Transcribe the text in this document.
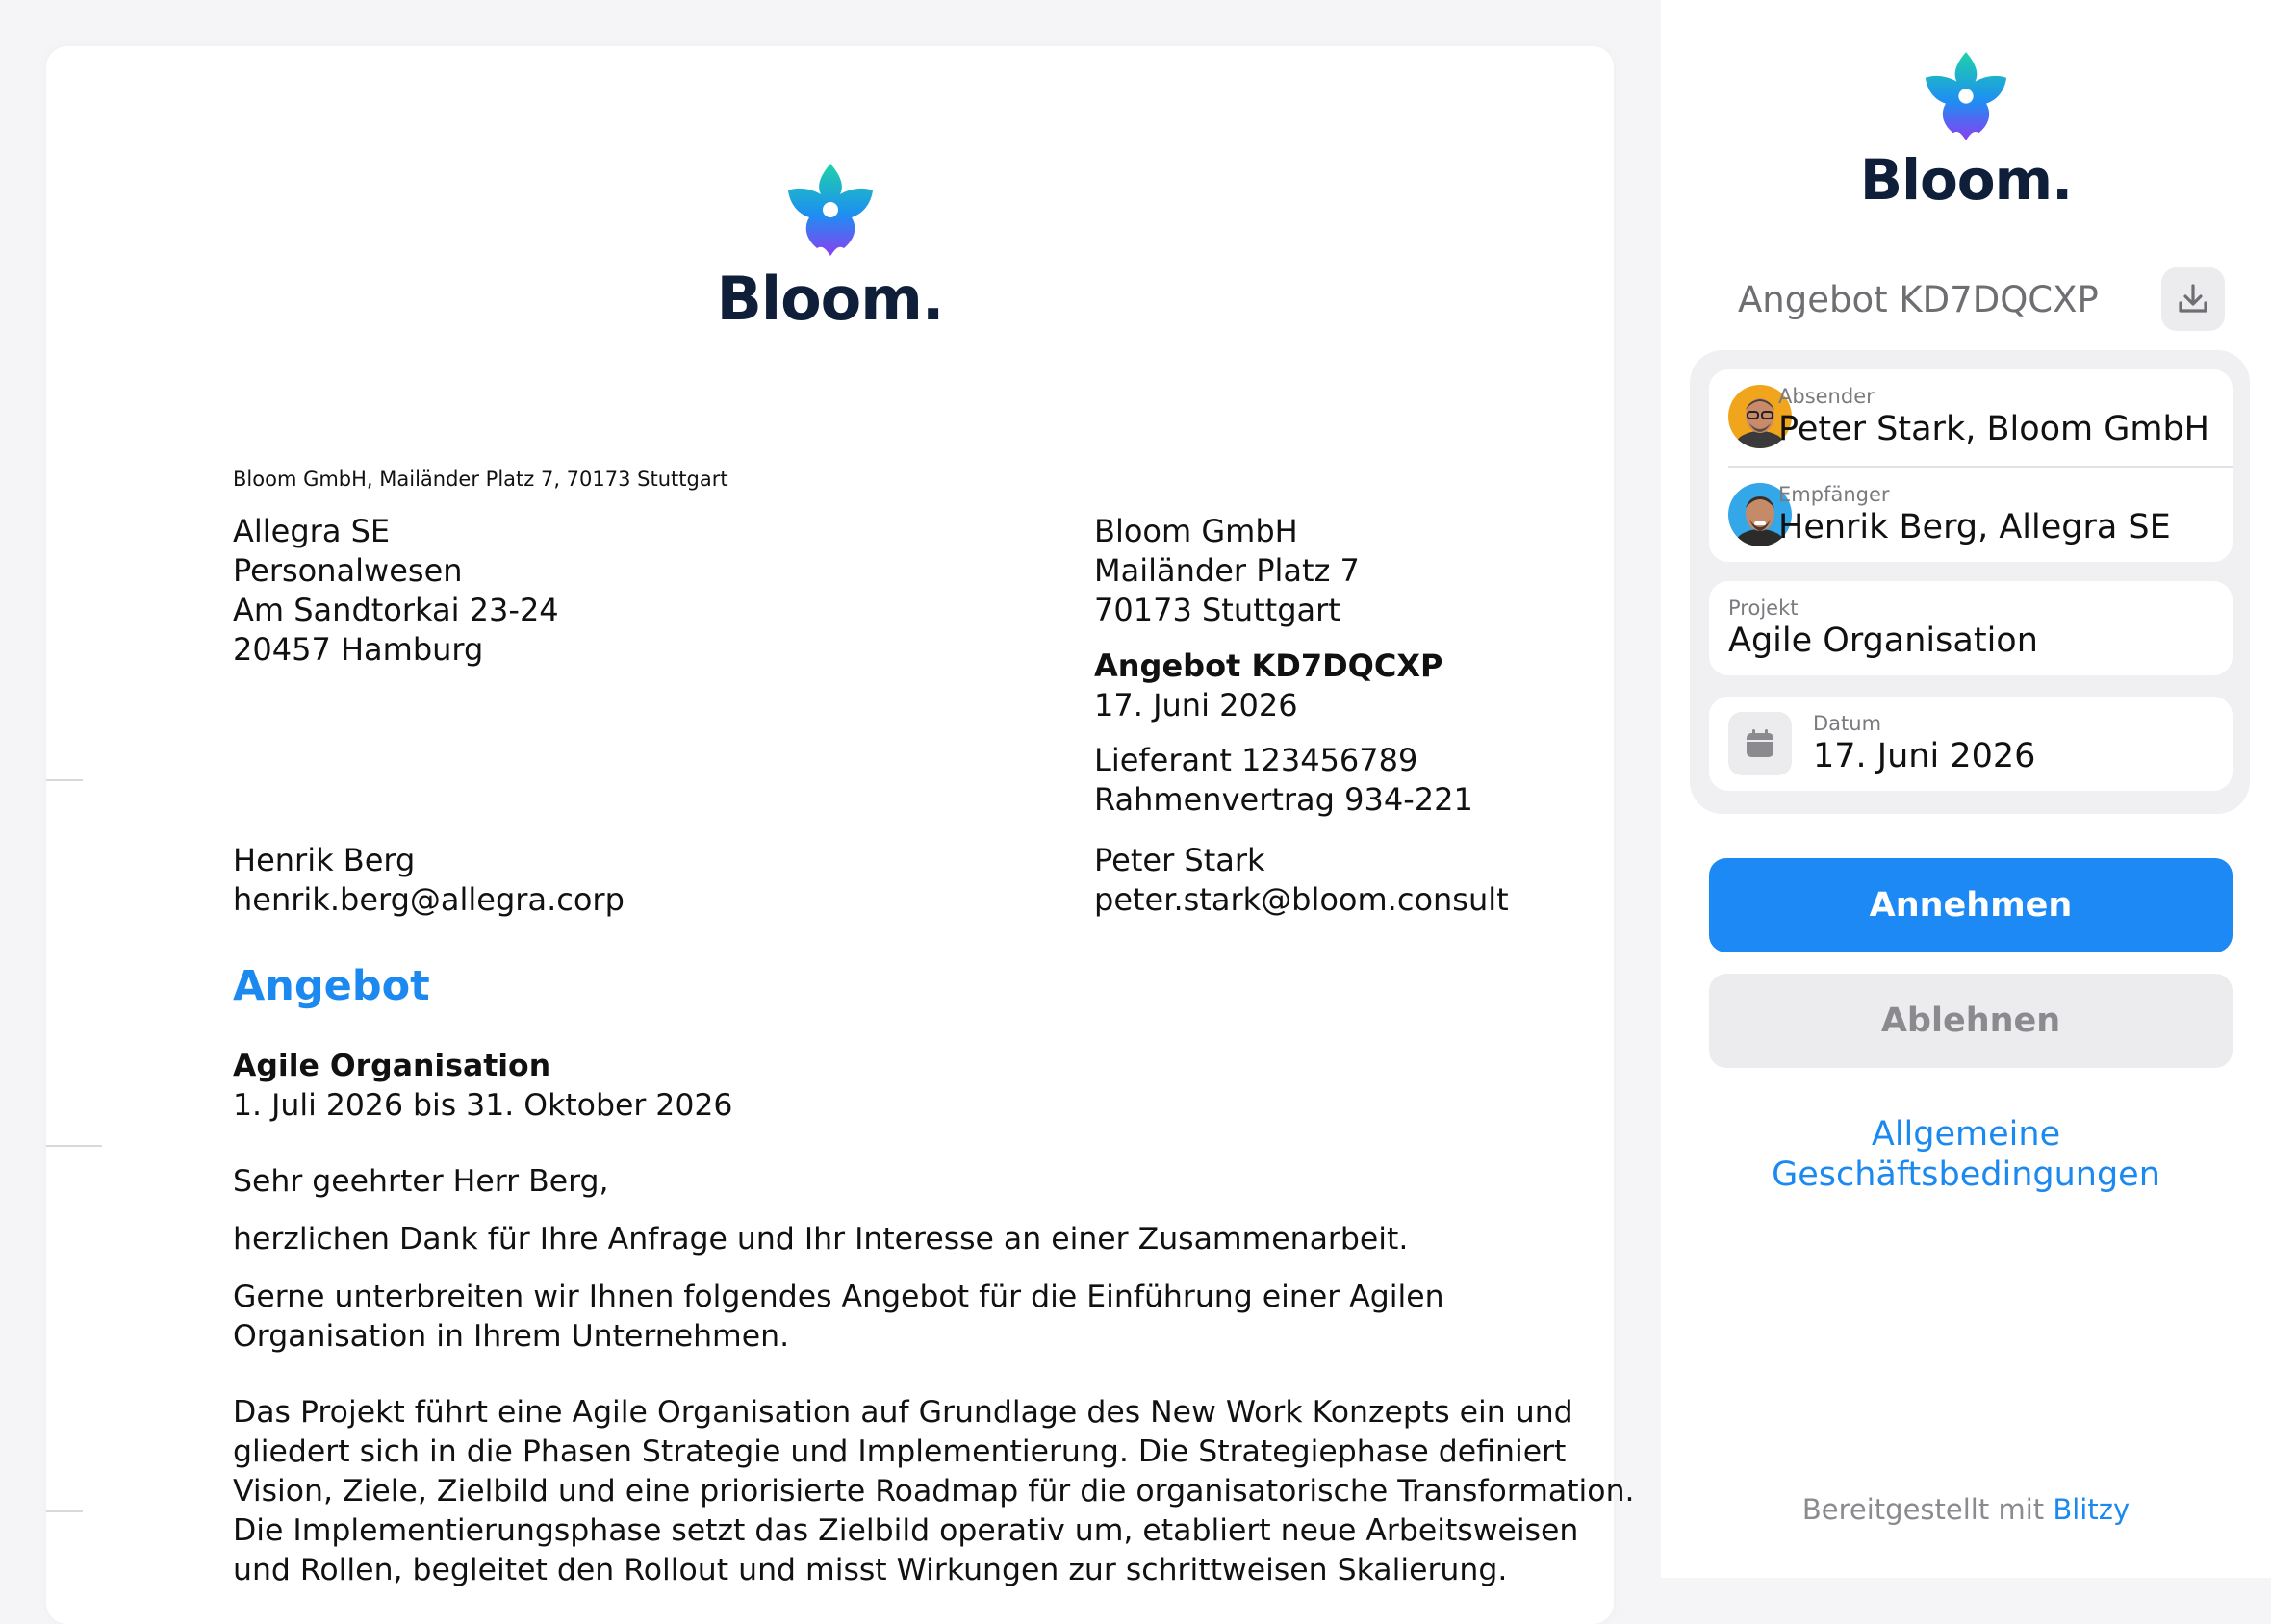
Bloom.
Bloom GmbH, Mailänder Platz 7, 70173 Stuttgart
Allegra SE
Personalwesen
Am Sandtorkai 23-24
20457 Hamburg
Bloom GmbH
Mailänder Platz 7
70173 Stuttgart
Angebot KD7DQCXP
17. Juni 2026
Lieferant 123456789
Rahmenvertrag 934-221
Henrik Berg
henrik.berg@allegra.corp
Peter Stark
peter.stark@bloom.consult
Angebot
Agile Organisation
1. Juli 2026 bis 31. Oktober 2026
Sehr geehrter Herr Berg,
herzlichen Dank für Ihre Anfrage und Ihr Interesse an einer Zusammenarbeit.
Gerne unterbreiten wir Ihnen folgendes Angebot für die Einführung einer Agilen
Organisation in Ihrem Unternehmen.
Das Projekt führt eine Agile Organisation auf Grundlage des New Work Konzepts ein und
gliedert sich in die Phasen Strategie und Implementierung. Die Strategiephase definiert
Vision, Ziele, Zielbild und eine priorisierte Roadmap für die organisatorische Transformation.
Die Implementierungsphase setzt das Zielbild operativ um, etabliert neue Arbeitsweisen
und Rollen, begleitet den Rollout und misst Wirkungen zur schrittweisen Skalierung.
Bloom.
Angebot KD7DQCXP
Absender
Peter Stark, Bloom GmbH
Empfänger
Henrik Berg, Allegra SE
Projekt
Agile Organisation
Datum
17. Juni 2026
Annehmen
Ablehnen
Allgemeine
Geschäftsbedingungen
Bereitgestellt mit Blitzy
